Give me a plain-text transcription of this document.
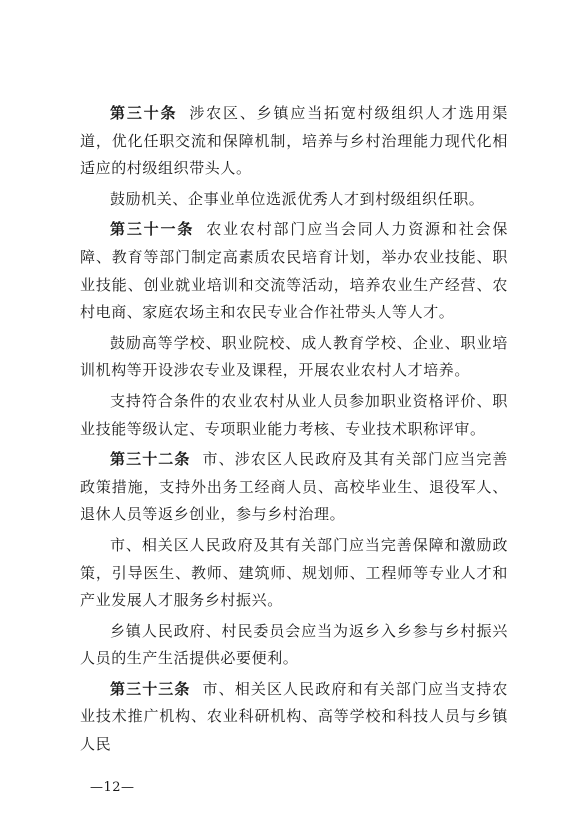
第三十条 涉农区、乡镇应当拓宽村级组织人才选用渠道，优化任职交流和保障机制，培养与乡村治理能力现代化相适应的村级组织带头人。

鼓励机关、企事业单位选派优秀人才到村级组织任职。

第三十一条 农业农村部门应当会同人力资源和社会保障、教育等部门制定高素质农民培育计划，举办农业技能、职业技能、创业就业培训和交流等活动，培养农业生产经营、农村电商、家庭农场主和农民专业合作社带头人等人才。

鼓励高等学校、职业院校、成人教育学校、企业、职业培训机构等开设涉农专业及课程，开展农业农村人才培养。

支持符合条件的农业农村从业人员参加职业资格评价、职业技能等级认定、专项职业能力考核、专业技术职称评审。

第三十二条 市、涉农区人民政府及其有关部门应当完善政策措施，支持外出务工经商人员、高校毕业生、退役军人、退休人员等返乡创业，参与乡村治理。

市、相关区人民政府及其有关部门应当完善保障和激励政策，引导医生、教师、建筑师、规划师、工程师等专业人才和产业发展人才服务乡村振兴。

乡镇人民政府、村民委员会应当为返乡入乡参与乡村振兴人员的生产生活提供必要便利。

第三十三条 市、相关区人民政府和有关部门应当支持农业技术推广机构、农业科研机构、高等学校和科技人员与乡镇人民

—12—
